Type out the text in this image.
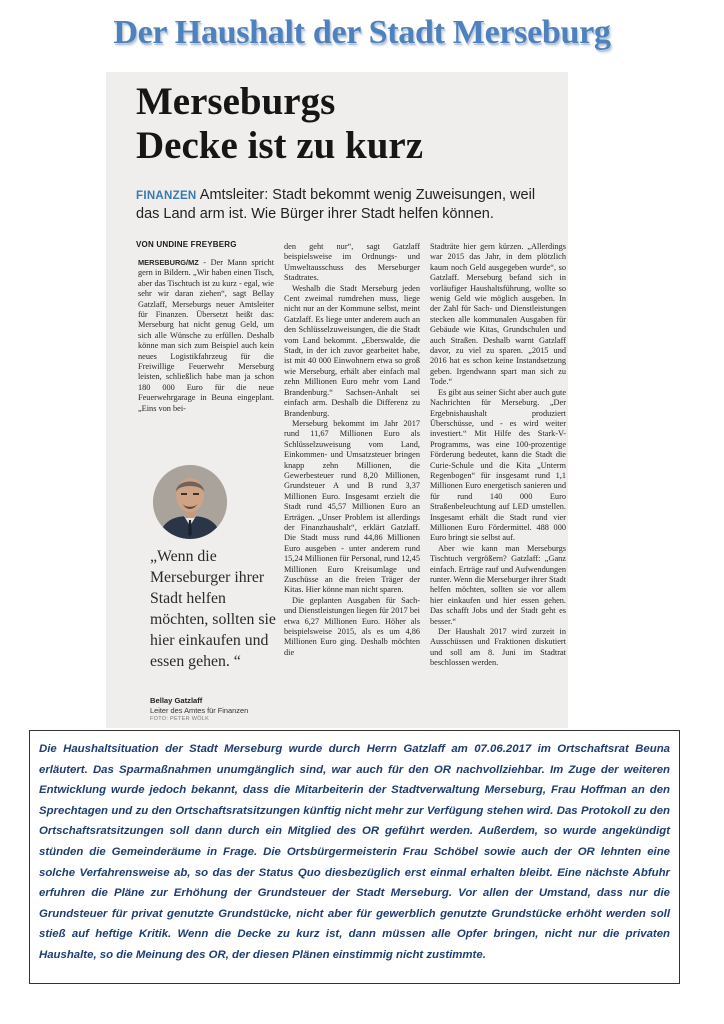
Der Haushalt der Stadt Merseburg
Merseburgs
Decke ist zu kurz
FINANZEN Amtsleiter: Stadt bekommt wenig Zuweisungen, weil das Land arm ist. Wie Bürger ihrer Stadt helfen können.
VON UNDINE FREYBERG

MERSEBURG/MZ - Der Mann spricht gern in Bildern. „Wir haben einen Tisch, aber das Tischtuch ist zu kurz - egal, wie sehr wir daran ziehen“, sagt Bellay Gatzlaff, Merseburgs neuer Amtsleiter für Finanzen. Übersetzt heißt das: Merseburg hat nicht genug Geld, um sich alle Wünsche zu erfüllen. Deshalb könne man sich zum Beispiel auch kein neues Logistikfahrzeug für die Freiwillige Feuerwehr Merseburg leisten, schließlich habe man ja schon 180 000 Euro für die neue Feuerwehrgarage in Beuna eingeplant. „Eins von bei-

„Wenn die Merseburger ihrer Stadt helfen möchten, sollten sie hier einkaufen und essen gehen. “
Bellay Gatzlaff
Leiter des Amtes für Finanzen
FOTO: PETER WÖLK

den geht nur“, sagt Gatzlaff beispielsweise im Ordnungs- und Umweltausschuss des Merseburger Stadtrates.

Weshalb die Stadt Merseburg jeden Cent zweimal rumdrehen muss, liege nicht nur an der Kommune selbst, meint Gatzlaff. Es liege unter anderem auch an den Schlüsselzuweisungen, die die Stadt vom Land bekommt. „Eberswalde, die Stadt, in der ich zuvor gearbeitet habe, ist mit 40 000 Einwohnern etwa so groß wie Merseburg, erhält aber einfach mal zehn Millionen Euro mehr vom Land Brandenburg.“ Sachsen-Anhalt sei einfach arm. Deshalb die Differenz zu Brandenburg.

Merseburg bekommt im Jahr 2017 rund 11,67 Millionen Euro als Schlüsselzuweisung vom Land, Einkommen- und Umsatzsteuer bringen knapp zehn Millionen, die Gewerbesteuer rund 8,20 Millionen, Grundsteuer A und B rund 3,37 Millionen Euro. Insgesamt erzielt die Stadt rund 45,57 Millionen Euro an Erträgen. „Unser Problem ist allerdings der Finanzhaushalt“, erklärt Gatzlaff. Die Stadt muss rund 44,86 Millionen Euro ausgeben - unter anderem rund 15,24 Millionen für Personal, rund 12,45 Millionen Euro Kreisumlage und Zuschüsse an die freien Träger der Kitas. Hier könne man nicht sparen.

Die geplanten Ausgaben für Sach- und Dienstleistungen liegen für 2017 bei etwa 6,27 Millionen Euro. Höher als beispielsweise 2015, als es um 4,86 Millionen Euro ging. Deshalb möchten die

Stadträte hier gern kürzen. „Allerdings war 2015 das Jahr, in dem plötzlich kaum noch Geld ausgegeben wurde“, so Gatzlaff. Merseburg befand sich in vorläufiger Haushaltsführung, wollte so wenig Geld wie möglich ausgeben. In der Zahl für Sach- und Dienstleistungen stecken alle kommunalen Ausgaben für Gebäude wie Kitas, Grundschulen und auch Straßen. Deshalb warnt Gatzlaff davor, zu viel zu sparen. „2015 und 2016 hat es schon keine Instandsetzung geben. Irgendwann spart man sich zu Tode.“

Es gibt aus seiner Sicht aber auch gute Nachrichten für Merseburg. „Der Ergebnishaushalt produziert Überschüsse, und - es wird weiter investiert.“ Mit Hilfe des Stark-V-Programms, was eine 100-prozentige Förderung bedeutet, kann die Stadt die Curie-Schule und die Kita „Unterm Regenbogen“ für insgesamt rund 1,1 Millionen Euro energetisch sanieren und für rund 140 000 Euro Straßenbeleuchtung auf LED umstellen. Insgesamt erhält die Stadt rund vier Millionen Euro Fördermittel. 488 000 Euro bringt sie selbst auf.

Aber wie kann man Merseburgs Tischtuch vergrößern? Gatzlaff: „Ganz einfach. Erträge rauf und Aufwendungen runter. Wenn die Merseburger ihrer Stadt helfen möchten, sollten sie vor allem hier einkaufen und hier essen gehen. Das schafft Jobs und der Stadt geht es besser.“

Der Haushalt 2017 wird zurzeit in Ausschüssen und Fraktionen diskutiert und soll am 8. Juni im Stadtrat beschlossen werden.

Die Haushaltsituation der Stadt Merseburg wurde durch Herrn Gatzlaff am 07.06.2017 im Ortschaftsrat Beuna erläutert. Das Sparmaßnahmen unumgänglich sind, war auch für den OR nachvollziehbar. Im Zuge der weiteren Entwicklung wurde jedoch bekannt, dass die Mitarbeiterin der Stadtverwaltung Merseburg, Frau Hoffman an den Sprechtagen und zu den Ortschaftsratsitzungen künftig nicht mehr zur Verfügung stehen wird. Das Protokoll zu den Ortschaftsratsitzungen soll dann durch ein Mitglied des OR geführt werden. Außerdem, so wurde angekündigt stünden die Gemeinderäume in Frage. Die Ortsbürgermeisterin Frau Schöbel sowie auch der OR lehnten eine solche Verfahrensweise ab, so das der Status Quo diesbezüglich erst einmal erhalten bleibt. Eine nächste Abfuhr erfuhren die Pläne zur Erhöhung der Grundsteuer der Stadt Merseburg. Vor allen der Umstand, dass nur die Grundsteuer für privat genutzte Grundstücke, nicht aber für gewerblich genutzte Grundstücke erhöht werden soll stieß auf heftige Kritik. Wenn die Decke zu kurz ist, dann müssen alle Opfer bringen, nicht nur die privaten Haushalte, so die Meinung des OR, der diesen Plänen einstimmig nicht zustimmte.
